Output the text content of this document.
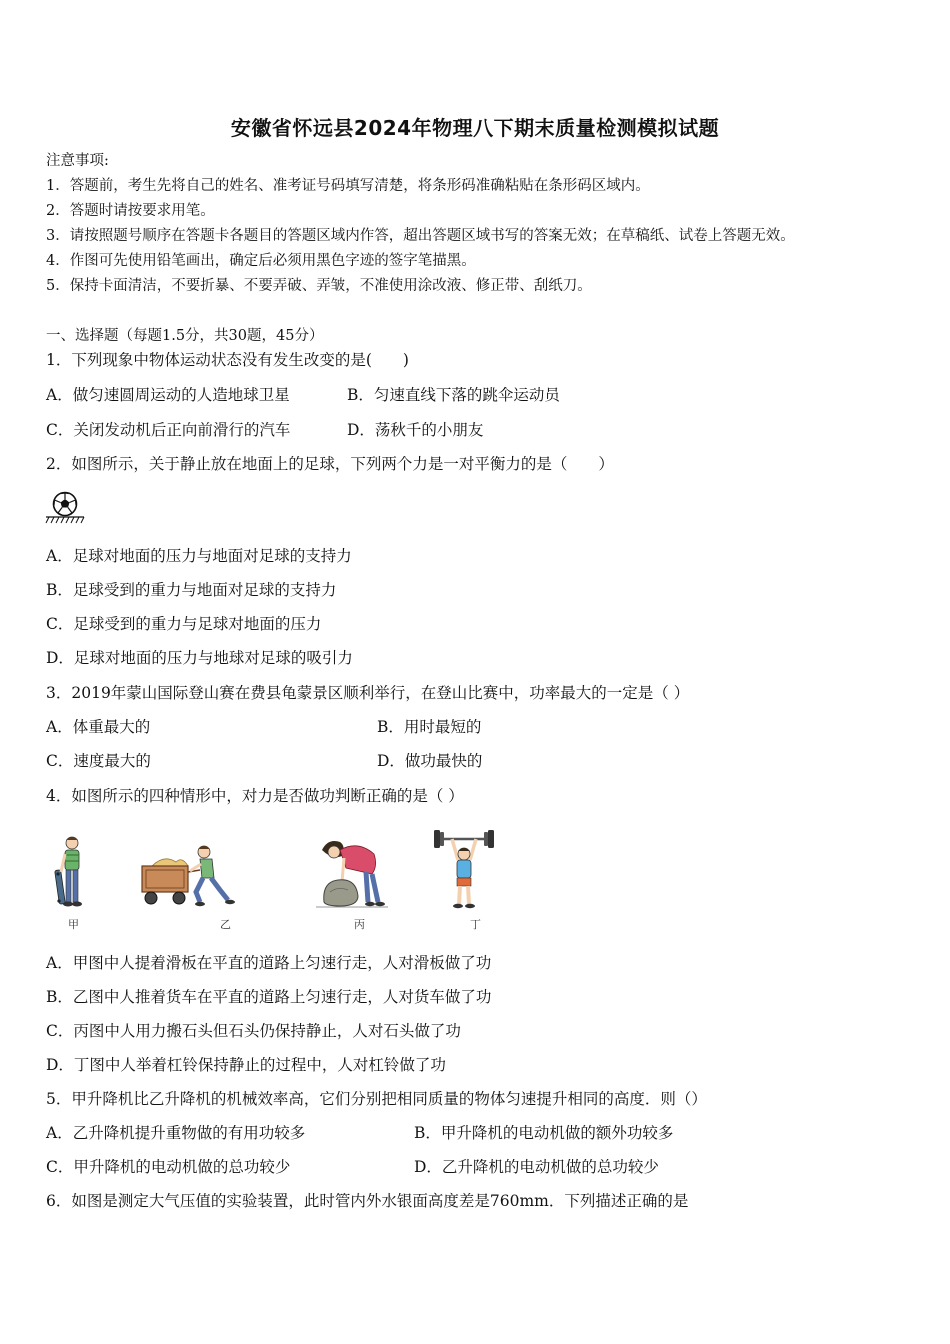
安徽省怀远县2024年物理八下期末质量检测模拟试题
注意事项:
1．答题前，考生先将自己的姓名、准考证号码填写清楚，将条形码准确粘贴在条形码区域内。
2．答题时请按要求用笔。
3．请按照题号顺序在答题卡各题目的答题区域内作答，超出答题区域书写的答案无效；在草稿纸、试卷上答题无效。
4．作图可先使用铅笔画出，确定后必须用黑色字迹的签字笔描黑。
5．保持卡面清洁，不要折暴、不要弄破、弄皱，不准使用涂改液、修正带、刮纸刀。
一、选择题（每题1.5分，共30题，45分）
1．下列现象中物体运动状态没有发生改变的是(　　)
A．做匀速圆周运动的人造地球卫星	B．匀速直线下落的跳伞运动员
C．关闭发动机后正向前滑行的汽车	D．荡秋千的小朋友
2．如图所示，关于静止放在地面上的足球，下列两个力是一对平衡力的是（　　）
A．足球对地面的压力与地面对足球的支持力
B．足球受到的重力与地面对足球的支持力
C．足球受到的重力与足球对地面的压力
D．足球对地面的压力与地球对足球的吸引力
3．2019年蒙山国际登山赛在费县龟蒙景区顺利举行，在登山比赛中，功率最大的一定是（ ）
A．体重最大的	B．用时最短的
C．速度最大的	D．做功最快的
4．如图所示的四种情形中，对力是否做功判断正确的是（ ）
甲	乙	丙	丁
A．甲图中人提着滑板在平直的道路上匀速行走，人对滑板做了功
B．乙图中人推着货车在平直的道路上匀速行走，人对货车做了功
C．丙图中人用力搬石头但石头仍保持静止，人对石头做了功
D．丁图中人举着杠铃保持静止的过程中，人对杠铃做了功
5．甲升降机比乙升降机的机械效率高，它们分别把相同质量的物体匀速提升相同的高度．则（）
A．乙升降机提升重物做的有用功较多	B．甲升降机的电动机做的额外功较多
C．甲升降机的电动机做的总功较少	D．乙升降机的电动机做的总功较少
6．如图是测定大气压值的实验装置，此时管内外水银面高度差是760mm．下列描述正确的是
